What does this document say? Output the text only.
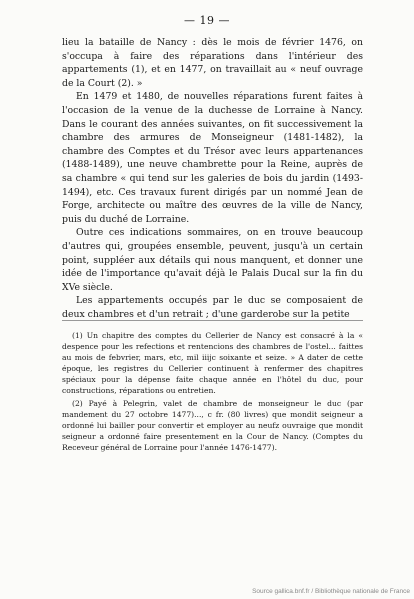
— 19 —

lieu la bataille de Nancy : dès le mois de février 1476, on s'occupa à faire des réparations dans l'intérieur des appartements (1), et en 1477, on travaillait au « neuf ouvrage de la Court (2). »

En 1479 et 1480, de nouvelles réparations furent faites à l'occasion de la venue de la duchesse de Lorraine à Nancy. Dans le courant des années suivantes, on fit successivement la chambre des armures de Monseigneur (1481-1482), la chambre des Comptes et du Trésor avec leurs appartenances (1488-1489), une neuve chambrette pour la Reine, auprès de sa chambre « qui tend sur les galeries de bois du jardin (1493-1494), etc. Ces travaux furent dirigés par un nommé Jean de Forge, architecte ou maître des œuvres de la ville de Nancy, puis du duché de Lorraine.

Outre ces indications sommaires, on en trouve beaucoup d'autres qui, groupées ensemble, peuvent, jusqu'à un certain point, suppléer aux détails qui nous manquent, et donner une idée de l'importance qu'avait déjà le Palais Ducal sur la fin du XVe siècle.

Les appartements occupés par le duc se composaient de deux chambres et d'un retrait ; d'une garderobe sur la petite

(1) Un chapitre des comptes du Cellerier de Nancy est consacré à la « despence pour les refections et rentencions des chambres de l'ostel... faittes au mois de febvrier, mars, etc, mil iiijc soixante et seize. » A dater de cette époque, les registres du Cellerier continuent à renfermer des chapitres spéciaux pour la dépense faite chaque année en l'hôtel du duc, pour constructions, réparations ou entretien.

(2) Payé à Pelegrin, valet de chambre de monseigneur le duc (par mandement du 27 octobre 1477)..., c fr. (80 livres) que mondit seigneur a ordonné lui bailler pour convertir et employer au neufz ouvraige que mondit seigneur a ordonné faire presentement en la Cour de Nancy. (Comptes du Receveur général de Lorraine pour l'année 1476-1477).

Source gallica.bnf.fr / Bibliothèque nationale de France
